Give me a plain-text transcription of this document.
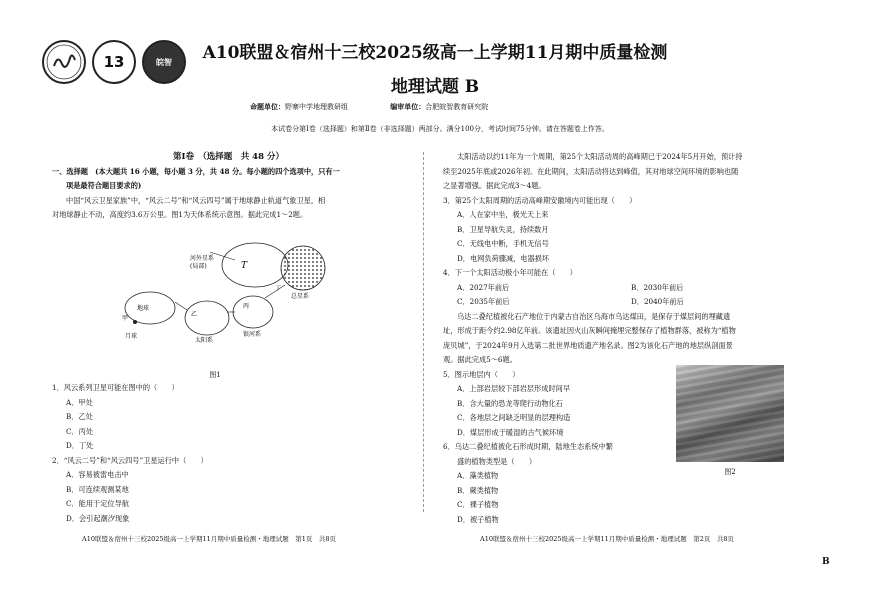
13	皖智	A10联盟＆宿州十三校2025级高一上学期11月期中质量检测
地理试题 B
命题单位：野寨中学地理教研组	编审单位：合肥皖智教育研究院
本试卷分第Ⅰ卷（选择题）和第Ⅱ卷（非选择题）两部分。满分100分，考试时间75分钟。请在答题卷上作答。
第Ⅰ卷　（选择题　共 48 分）
一、选择题　(本大题共 16 小题，每小题 3 分，共 48 分。每小题的四个选项中，只有一
项是最符合题目要求的)
中国“风云卫星家族”中，“风云二号”和“风云四号”属于地球静止轨道气象卫星，相
对地球静止不动，高度约3.6万公里。图1为天体系统示意图。据此完成1～2题。
河外星系
(局部)	T
地球
甲
乙
月球
太阳系
丙
丁
银河系
总星系
图1
1．风云系列卫星可能在图中的（　　）
A．甲处
B．乙处
C．丙处
D．丁处
2．“风云二号”和“风云四号”卫星运行中（　　）
A．容易被雷电击中
B．可连续观测某地
C．能用于定位导航
D．会引起潮汐现象
太阳活动以约11年为一个周期，第25个太阳活动周的高峰期已于2024年5月开始，预计持
续至2025年底或2026年初。在此期间，太阳活动将达到峰值，其对地球空间环境的影响也随
之显著增强。据此完成3～4题。
3．第25个太阳周期的活动高峰期安徽境内可能出现（　　）
A．人在家中坐，极光天上来
B．卫星导航失灵，持续数月
C．无线电中断，手机无信号
D．电网负荷骤减，电器损坏
4．下一个太阳活动极小年可能在（　　）
A．2027年前后	B．2030年前后
C．2035年前后	D．2040年前后
乌达二叠纪植被化石产地位于内蒙古自治区乌海市乌达煤田，是保存于煤层间的埋藏遗
址，形成于距今约2.98亿年前。该遗址因火山灰瞬间掩埋完整保存了植物群落，被称为“植物
庞贝城”，于2024年9月入选第二批世界地质遗产地名录。图2为该化石产地的地层纵剖面景
观。据此完成5～6题。
5．图示地层内（　　）
A．上部岩层较下部岩层形成时间早
B．含大量的恐龙等爬行动物化石
C．各地层之间缺乏明显的层理构造
D．煤层形成于暖湿的古气候环境
6．乌达二叠纪植被化石形成时期，陆地生态系统中繁
盛的植物类型是（　　）
A．藻类植物
B．蕨类植物
C．裸子植物
D．被子植物
图2
A10联盟＆宿州十三校2025级高一上学期11月期中质量检测・地理试题　第1页　共8页	A10联盟＆宿州十三校2025级高一上学期11月期中质量检测・地理试题　第2页　共8页
B
